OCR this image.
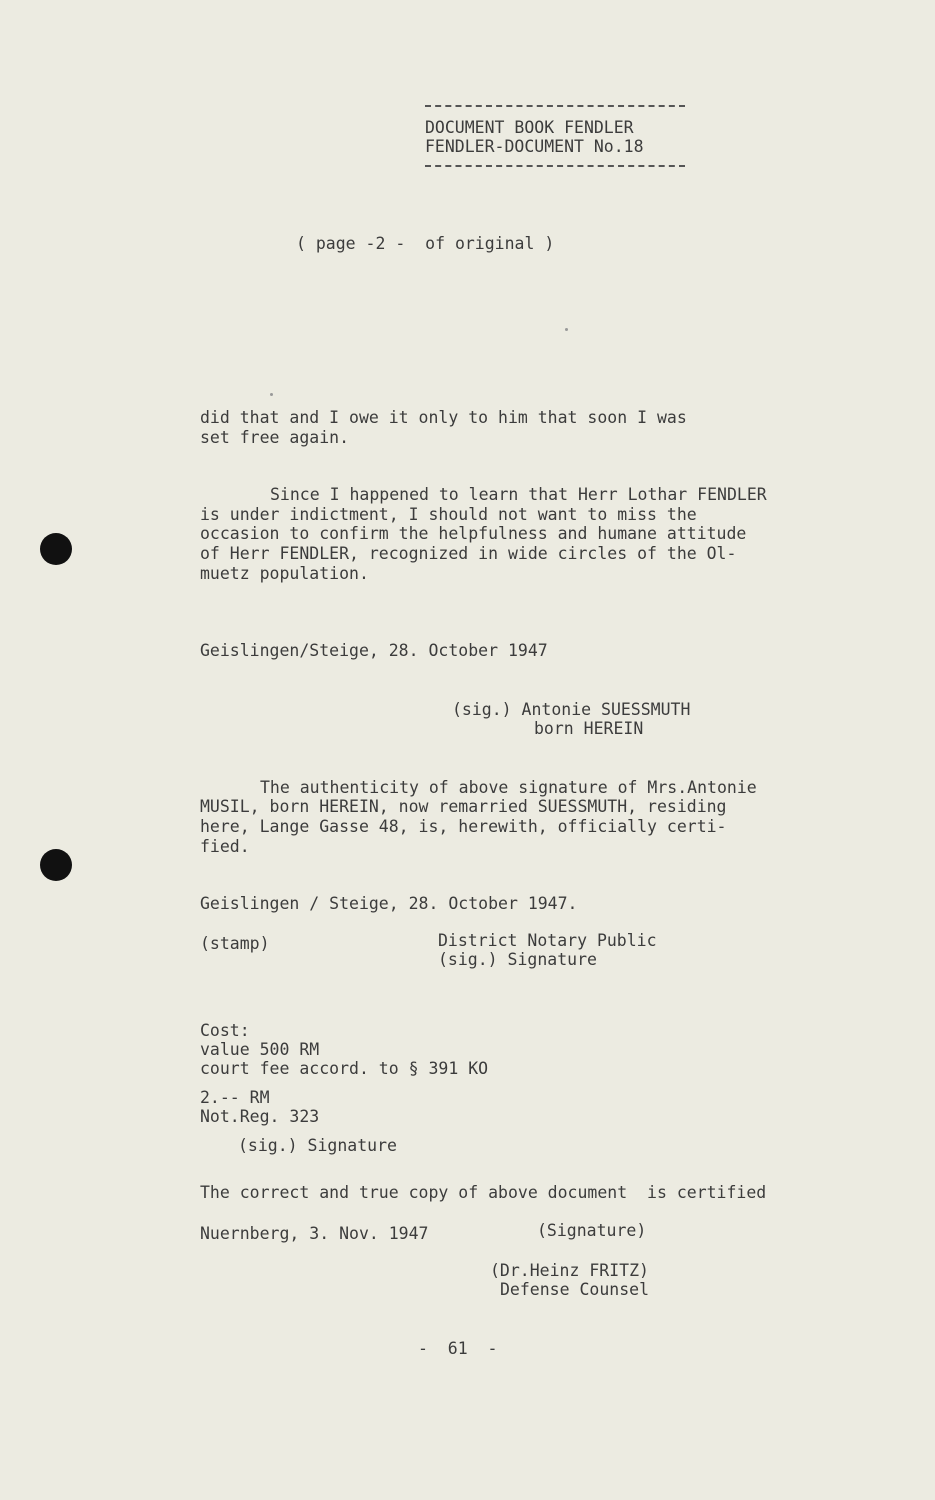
DOCUMENT BOOK FENDLER
FENDLER-DOCUMENT No.18
( page -2 -  of original )
did that and I owe it only to him that soon I was
set free again.
Since I happened to learn that Herr Lothar FENDLER
is under indictment, I should not want to miss the
occasion to confirm the helpfulness and humane attitude
of Herr FENDLER, recognized in wide circles of the Ol-
muetz population.
Geislingen/Steige, 28. October 1947
(sig.) Antonie SUESSMUTH
born HEREIN
The authenticity of above signature of Mrs.Antonie
MUSIL, born HEREIN, now remarried SUESSMUTH, residing
here, Lange Gasse 48, is, herewith, officially certi-
fied.
Geislingen / Steige, 28. October 1947.
(stamp)	District Notary Public
(sig.) Signature
Cost:
value 500 RM
court fee accord. to § 391 KO
2.-- RM
Not.Reg. 323
(sig.) Signature
The correct and true copy of above document  is certified
Nuernberg, 3. Nov. 1947	(Signature)
(Dr.Heinz FRITZ)
Defense Counsel
-  61  -
